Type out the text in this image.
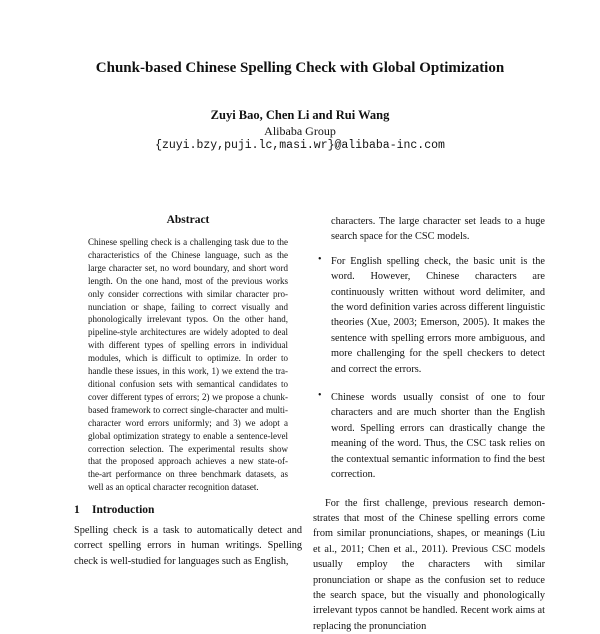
Chunk-based Chinese Spelling Check with Global Optimization
Zuyi Bao, Chen Li and Rui Wang
Alibaba Group
{zuyi.bzy,puji.lc,masi.wr}@alibaba-inc.com
Abstract

Chinese spelling check is a challenging task due to the characteristics of the Chinese language, such as the large character set, no word boundary, and short word length. On the one hand, most of the previous works only consider corrections with similar character pronunciation or shape, failing to correct visually and phonologically irrelevant typos. On the other hand, pipeline-style architectures are widely adopted to deal with different types of spelling errors in individual modules, which is difficult to optimize. In order to handle these issues, in this work, 1) we extend the traditional confusion sets with semantical candidates to cover different types of errors; 2) we propose a chunk-based framework to correct single-character and multi-character word errors uniformly; and 3) we adopt a global optimization strategy to enable a sentence-level correction selection. The experimental results show that the proposed approach achieves a new state-of-the-art performance on three benchmark datasets, as well as an optical character recognition dataset.

1 Introduction

Spelling check is a task to automatically detect and correct spelling errors in human writings. Spelling check is well-studied for languages such as English,

characters. The large character set leads to a huge search space for the CSC models.

• For English spelling check, the basic unit is the word. However, Chinese characters are continuously written without word delimiter, and the word definition varies across different linguistic theories (Xue, 2003; Emerson, 2005). It makes the sentence with spelling errors more ambiguous, and more challenging for the spell checkers to detect and correct the errors.

• Chinese words usually consist of one to four characters and are much shorter than the English word. Spelling errors can drastically change the meaning of the word. Thus, the CSC task relies on the contextual semantic information to find the best correction.

For the first challenge, previous research demonstrates that most of the Chinese spelling errors come from similar pronunciations, shapes, or meanings (Liu et al., 2011; Chen et al., 2011). Previous CSC models usually employ the characters with similar pronunciation or shape as the confusion set to reduce the search space, but the visually and phonologically irrelevant typos cannot be handled. Recent work aims at replacing the pronunciation
